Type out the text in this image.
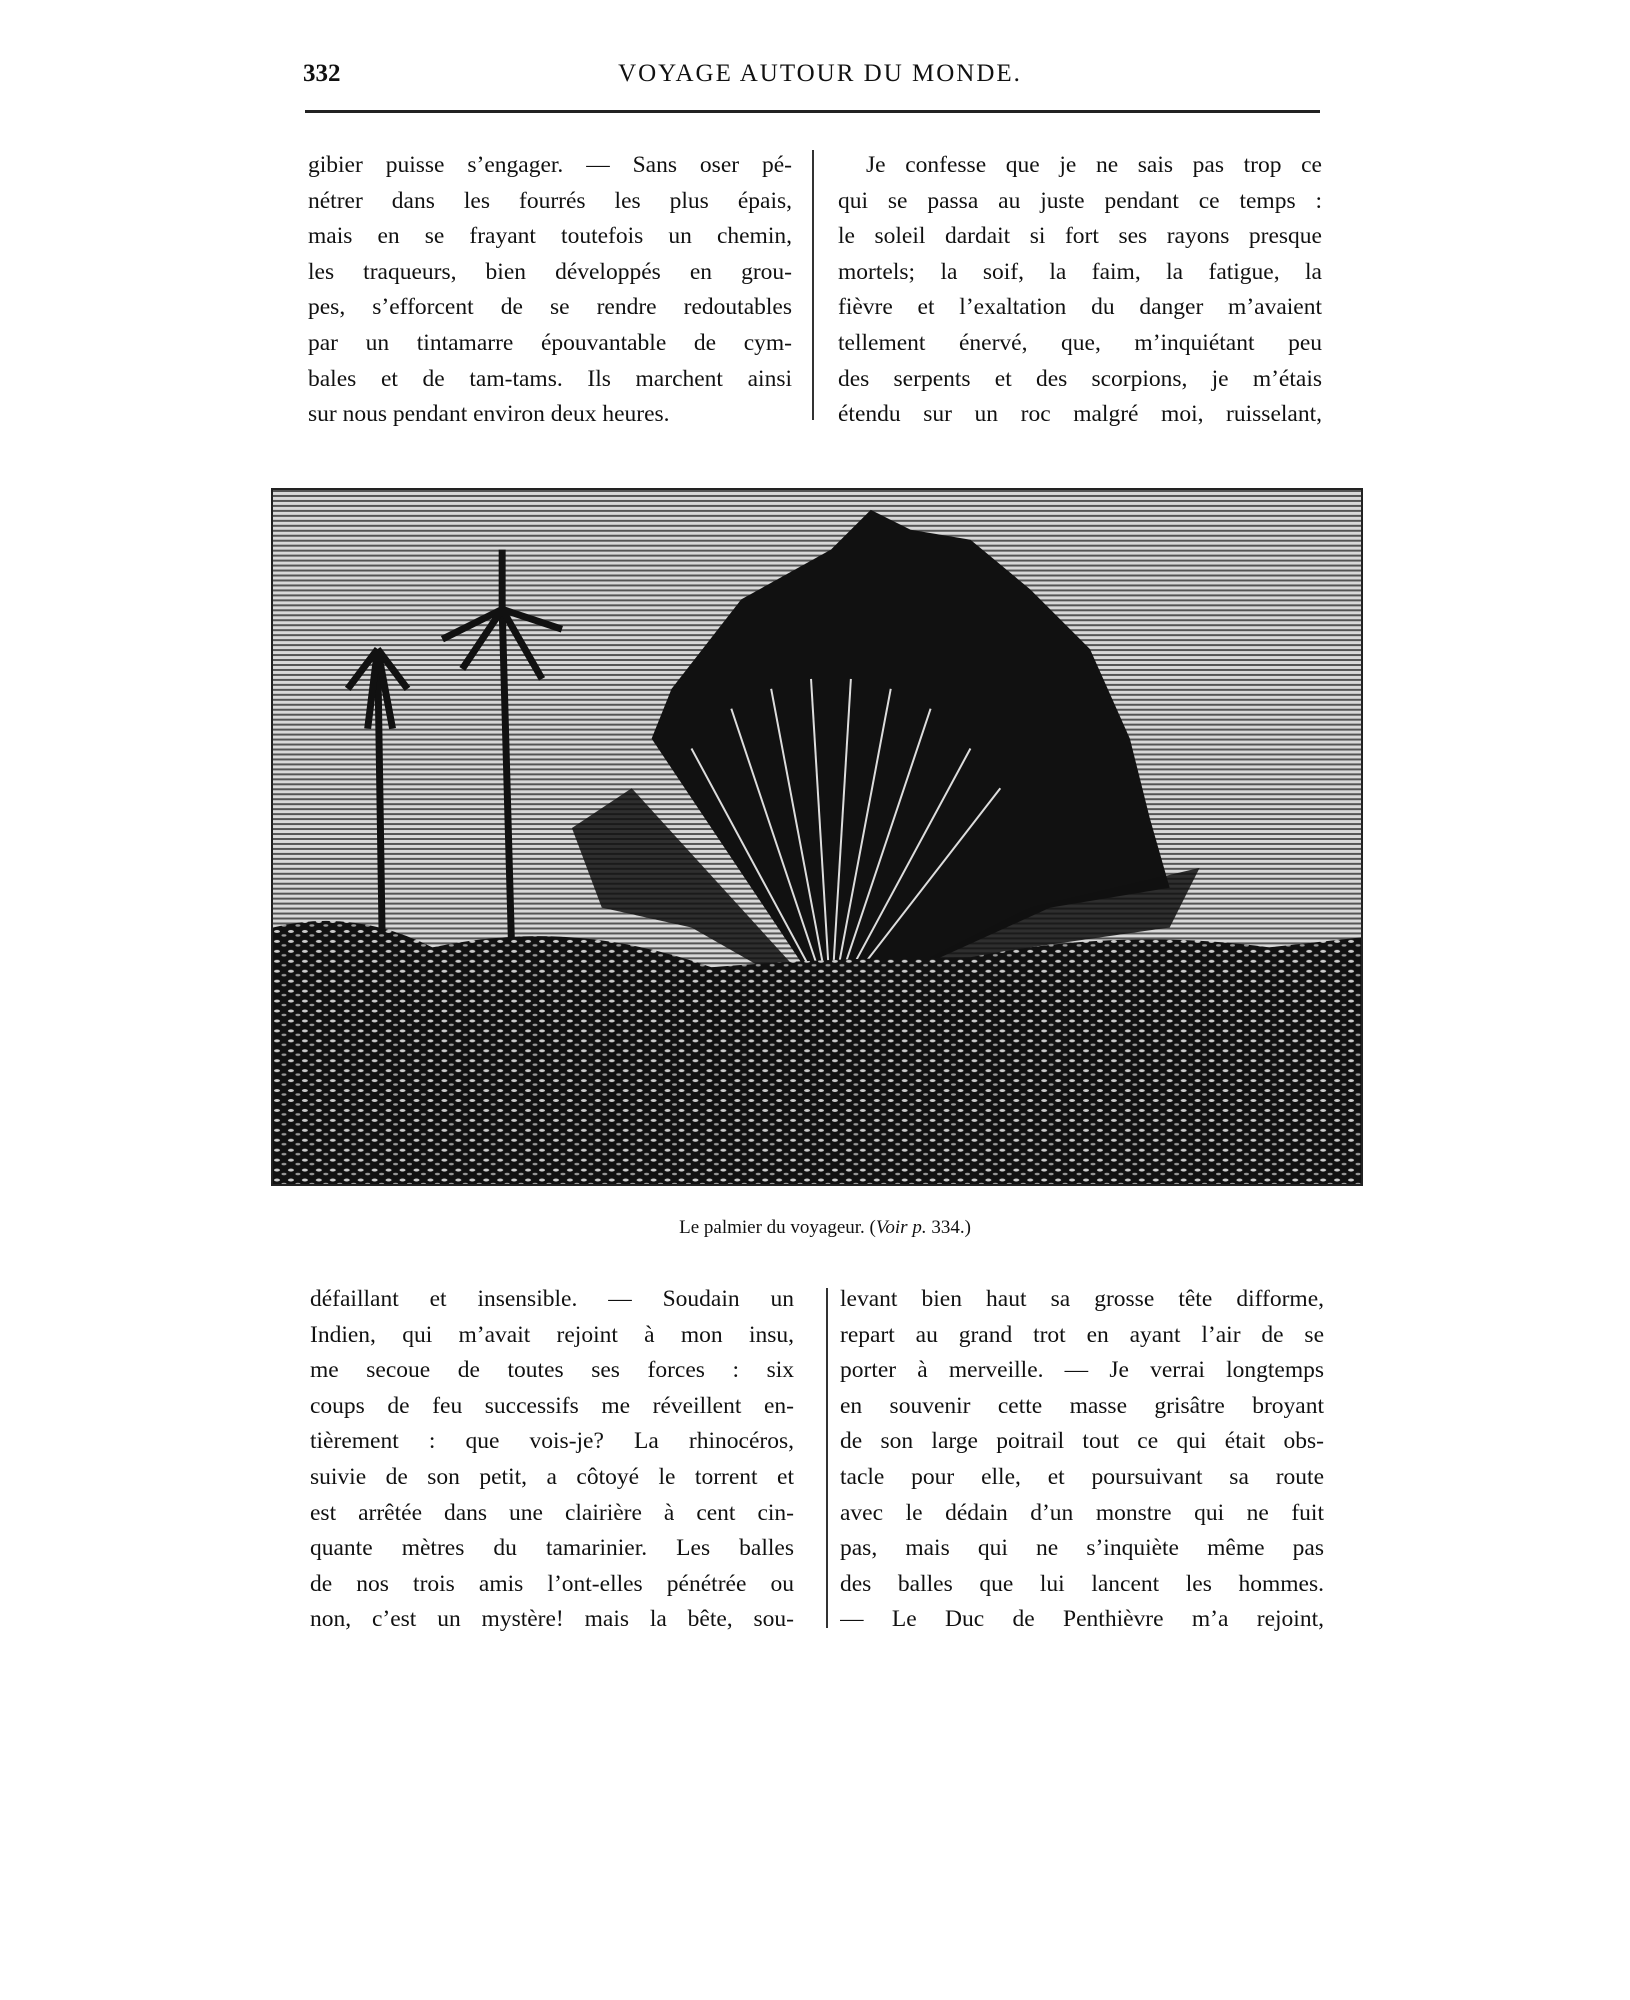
332	VOYAGE AUTOUR DU MONDE.
gibier puisse s’engager. — Sans oser pé-
nétrer dans les fourrés les plus épais,
mais en se frayant toutefois un chemin,
les traqueurs, bien développés en grou-
pes, s’efforcent de se rendre redoutables
par un tintamarre épouvantable de cym-
bales et de tam-tams. Ils marchent ainsi
sur nous pendant environ deux heures.
Je confesse que je ne sais pas trop ce
qui se passa au juste pendant ce temps :
le soleil dardait si fort ses rayons presque
mortels; la soif, la faim, la fatigue, la
fièvre et l’exaltation du danger m’avaient
tellement énervé, que, m’inquiétant peu
des serpents et des scorpions, je m’étais
étendu sur un roc malgré moi, ruisselant,
Le palmier du voyageur. (Voir p. 334.)
défaillant et insensible. — Soudain un
Indien, qui m’avait rejoint à mon insu,
me secoue de toutes ses forces : six
coups de feu successifs me réveillent en-
tièrement : que vois-je? La rhinocéros,
suivie de son petit, a côtoyé le torrent et
est arrêtée dans une clairière à cent cin-
quante mètres du tamarinier. Les balles
de nos trois amis l’ont-elles pénétrée ou
non, c’est un mystère! mais la bête, sou-
levant bien haut sa grosse tête difforme,
repart au grand trot en ayant l’air de se
porter à merveille. — Je verrai longtemps
en souvenir cette masse grisâtre broyant
de son large poitrail tout ce qui était obs-
tacle pour elle, et poursuivant sa route
avec le dédain d’un monstre qui ne fuit
pas, mais qui ne s’inquiète même pas
des balles que lui lancent les hommes.
— Le Duc de Penthièvre m’a rejoint,
